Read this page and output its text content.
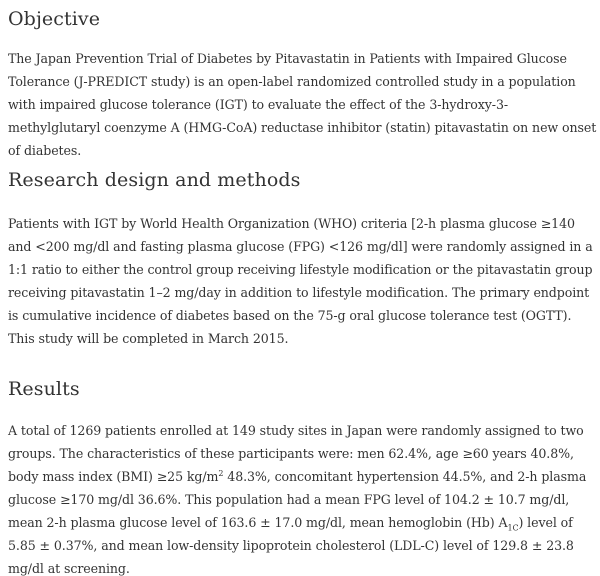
Objective

The Japan Prevention Trial of Diabetes by Pitavastatin in Patients with Impaired Glucose Tolerance (J-PREDICT study) is an open-label randomized controlled study in a population with impaired glucose tolerance (IGT) to evaluate the effect of the 3-hydroxy-3-methylglutaryl coenzyme A (HMG-CoA) reductase inhibitor (statin) pitavastatin on new onset of diabetes.

Research design and methods

Patients with IGT by World Health Organization (WHO) criteria [2-h plasma glucose ≥140 and <200 mg/dl and fasting plasma glucose (FPG) <126 mg/dl] were randomly assigned in a 1:1 ratio to either the control group receiving lifestyle modification or the pitavastatin group receiving pitavastatin 1–2 mg/day in addition to lifestyle modification. The primary endpoint is cumulative incidence of diabetes based on the 75-g oral glucose tolerance test (OGTT). This study will be completed in March 2015.

Results

A total of 1269 patients enrolled at 149 study sites in Japan were randomly assigned to two groups. The characteristics of these participants were: men 62.4%, age ≥60 years 40.8%, body mass index (BMI) ≥25 $kg/m^2$ 48.3%, concomitant hypertension 44.5%, and 2-h plasma glucose ≥170 mg/dl 36.6%. This population had a mean FPG level of 104.2 ± 10.7 mg/dl, mean 2-h plasma glucose level of 163.6 ± 17.0 mg/dl, mean hemoglobin (Hb) $A_{1C}$) level of 5.85 ± 0.37%, and mean low-density lipoprotein cholesterol (LDL-C) level of 129.8 ± 23.8 mg/dl at screening.
